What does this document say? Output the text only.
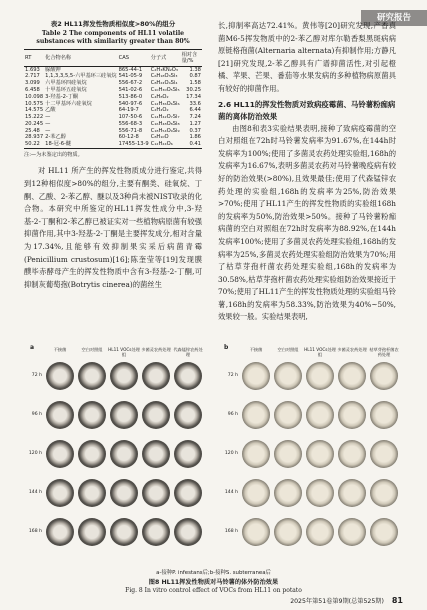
研究报告
表2 HL11挥发性物质相似度>80%的组分
Table 2 The components of HL11 volatile substances with similarity greater than 80%
RT	化合物名称	CAS	分子式	相对含量/%
1.693	脲酸钾	865-44-1	C₂H₃KN₂O₃	1.38
2.717	1,1,3,3,5,5-六甲基环三硅氧烷	541-05-9	C₆H₁₈O₃Si₃	0.87
3.099	六甲基环四硅氧烷	556-67-2	C₈H₂₄O₄Si₄	1.58
6.458	十甲基环五硅氧烷	541-02-6	C₁₀H₃₀O₅Si₅	30.25
10.098	3-羟基-2-丁酮	513-86-0	C₄H₈O₂	17.34
10.575	十二甲基环六硅氧烷	540-97-6	C₁₂H₃₆O₆Si₆	33.6
14.575	乙酸	64-19-7	C₂H₄O₂	6.44
15.222	—	107-50-6	C₁₄H₄₂O₇Si₇	7.24
20.245	—	556-68-3	C₁₆H₄₈O₈Si₈	1.27
25.48	—	556-71-8	C₁₈H₅₄O₉Si₉	0.37
28.937	2-苯乙醇	60-12-8	C₈H₁₀O	1.86
50.22	18-冠-6-醚	17455-13-9	C₁₂H₂₄O₆	0.41
注:—为未鉴定出的物质。

对 HL11 所产生的挥发性物质成分进行鉴定,共得到12种相似度>80%的组分,主要有酮类、硅氧烷、丁酮、乙酸、2-苯乙醇、醚以及3种尚未被NIST收录的化合物。本研究中所鉴定的HL11挥发性成分中,3-羟基-2-丁酮和2-苯乙醇已被证实对一些植物病原菌有较强抑菌作用,其中3-羟基-2-丁酮是主要挥发成分,相对含量为17.34%,且能够有效抑制果实采后病菌青霉(Penicillium crustosum)[16];陈奎莹等[19]发现膜醭毕赤酵母产生的挥发性物质中含有3-羟基-2-丁酮,可抑制灰葡萄孢(Botrytis cinerea)的菌丝生

长,抑制率高达72.41%。黄伟等[20]研究发现,产香真菌M6-5挥发物质中的2-苯乙醇对库尔勒香梨黑斑病病原链格孢菌(Alternaria alternata)有抑制作用;方静凡[21]研究发现,2-苯乙醇具有广谱抑菌活性,对引起橙橘、苹果、芒果、番茄等水果发病的多种植物病原菌具有较好的抑菌作用。

2.6 HL11的挥发性物质对致病疫霉菌、马铃薯粉痂病菌的离体防治效果

由图8和表3实验结果表明,接种了致病疫霉菌的空白对照组在72h时马铃薯发病率为91.67%,在144h时发病率为100%;使用了多菌灵农药处理实验组,168h的发病率为16.67%,表明多菌灵农药对马铃薯晚疫病有较好的防治效果(>80%),且效果最佳;使用了代森锰锌农药处理的实验组,168h的发病率为25%,防治效果>70%;使用了HL11产生的挥发性物质的实验组168h的发病率为50%,防治效果>50%。接种了马铃薯粉痂病菌的空白对照组在72h时发病率为88.92%,在144h发病率100%;使用了多菌灵农药处理实验组,168h的发病率为25%,多菌灵农药处理实验组防治效果为70%;用了枯草芽孢杆菌农药处理实验组,168h的发病率为30.58%,枯草芽孢杆菌农药处理实验组防治效果接近于70%;使用了HL11产生的挥发性物质处理的实验组马铃薯,168h的发病率为58.33%,防治效果为40%~50%,效果较一般。实验结果表明,

a	不接菌	空白对照组	HL11 VOCs处理组
多菌灵农药处理 代森锰锌农药处理
72 h
96 h
120 h
144 h
168 h
b	不接菌	空白对照组	HL11 VOCs处理组
多菌灵农药处理 枯草芽孢杆菌农药处理
72 h
96 h
120 h
144 h
168 h
a-接种P. infestans后;b-接种S. subterranea后
图8 HL11挥发性物质对马铃薯的体外防治效果
Fig. 8 In vitro control effect of VOCs from HL11 on potato
2025年第51卷第9期(总第525期) 81
